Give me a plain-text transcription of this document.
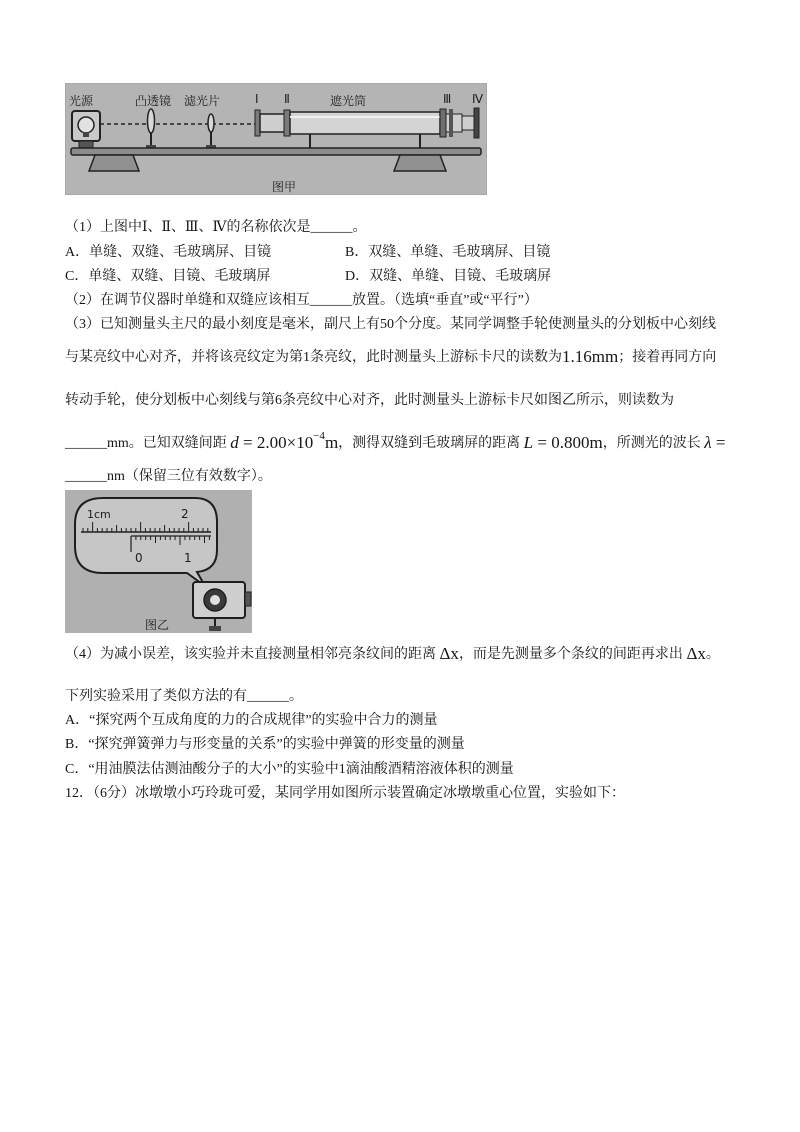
光源	凸透镜 滤光片	Ⅰ Ⅱ	遮光筒	Ⅲ Ⅳ
图甲
（1）上图中Ⅰ、Ⅱ、Ⅲ、Ⅳ的名称依次是______。
A．单缝、双缝、毛玻璃屏、目镜	B．双缝、单缝、毛玻璃屏、目镜
C．单缝、双缝、目镜、毛玻璃屏	D．双缝、单缝、目镜、毛玻璃屏
（2）在调节仪器时单缝和双缝应该相互______放置。（选填“垂直”或“平行”）
（3）已知测量头主尺的最小刻度是毫米，副尺上有50个分度。某同学调整手轮使测量头的分划板中心刻线
与某亮纹中心对齐，并将该亮纹定为第1条亮纹，此时测量头上游标卡尺的读数为1.16mm；接着再同方向
转动手轮，使分划板中心刻线与第6条亮纹中心对齐，此时测量头上游标卡尺如图乙所示，则读数为
______mm。已知双缝间距 $d = 2.00\times 10^{-4}m$，测得双缝到毛玻璃屏的距离 L = 0.800m，所测光的波长 λ =
______nm（保留三位有效数字）。
1cm	2
0	1
图乙
（4）为减小误差，该实验并未直接测量相邻亮条纹间的距离 Δx，而是先测量多个条纹的间距再求出 Δx。
下列实验采用了类似方法的有______。
A．“探究两个互成角度的力的合成规律”的实验中合力的测量
B．“探究弹簧弹力与形变量的关系”的实验中弹簧的形变量的测量
C．“用油膜法估测油酸分子的大小”的实验中1滴油酸酒精溶液体积的测量
12．（6分）冰墩墩小巧玲珑可爱，某同学用如图所示装置确定冰墩墩重心位置，实验如下：
